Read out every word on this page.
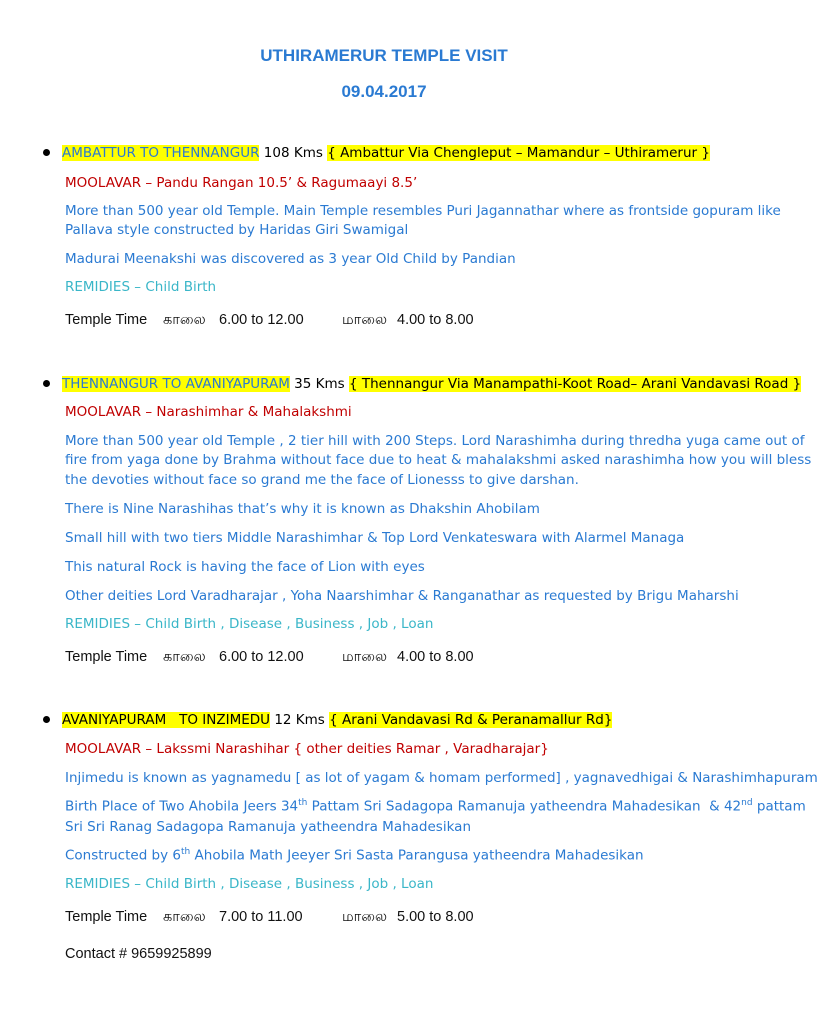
UTHIRAMERUR TEMPLE VISIT
09.04.2017
AMBATTUR TO THENNANGUR 108 Kms { Ambattur Via Chengleput – Mamandur – Uthiramerur }
MOOLAVAR – Pandu Rangan 10.5’ & Ragumaayi 8.5’
More than 500 year old Temple. Main Temple resembles Puri Jagannathar where as frontside gopuram like
Pallava style constructed by Haridas Giri Swamigal
Madurai Meenakshi was discovered as 3 year Old Child by Pandian
REMIDIES – Child Birth
Temple Time காலை 6.00 to 12.00	மாலை 4.00 to 8.00
THENNANGUR TO AVANIYAPURAM 35 Kms { Thennangur Via Manampathi-Koot Road– Arani Vandavasi Road }
MOOLAVAR – Narashimhar & Mahalakshmi
More than 500 year old Temple , 2 tier hill with 200 Steps. Lord Narashimha during thredha yuga came out of
fire from yaga done by Brahma without face due to heat & mahalakshmi asked narashimha how you will bless
the devoties without face so grand me the face of Lionesss to give darshan.
There is Nine Narashihas that’s why it is known as Dhakshin Ahobilam
Small hill with two tiers Middle Narashimhar & Top Lord Venkateswara with Alarmel Managa
This natural Rock is having the face of Lion with eyes
Other deities Lord Varadharajar , Yoha Naarshimhar & Ranganathar as requested by Brigu Maharshi
REMIDIES – Child Birth , Disease , Business , Job , Loan
Temple Time காலை 6.00 to 12.00	மாலை 4.00 to 8.00
AVANIYAPURAM   TO INZIMEDU 12 Kms { Arani Vandavasi Rd & Peranamallur Rd}
MOOLAVAR – Lakssmi Narashihar { other deities Ramar , Varadharajar}
Injimedu is known as yagnamedu [ as lot of yagam & homam performed] , yagnavedhigai & Narashimhapuram
Birth Place of Two Ahobila Jeers 34th Pattam Sri Sadagopa Ramanuja yatheendra Mahadesikan  & 42nd pattam
Sri Sri Ranag Sadagopa Ramanuja yatheendra Mahadesikan
Constructed by 6th Ahobila Math Jeeyer Sri Sasta Parangusa yatheendra Mahadesikan
REMIDIES – Child Birth , Disease , Business , Job , Loan
Temple Time காலை 7.00 to 11.00	மாலை 5.00 to 8.00
Contact # 9659925899
